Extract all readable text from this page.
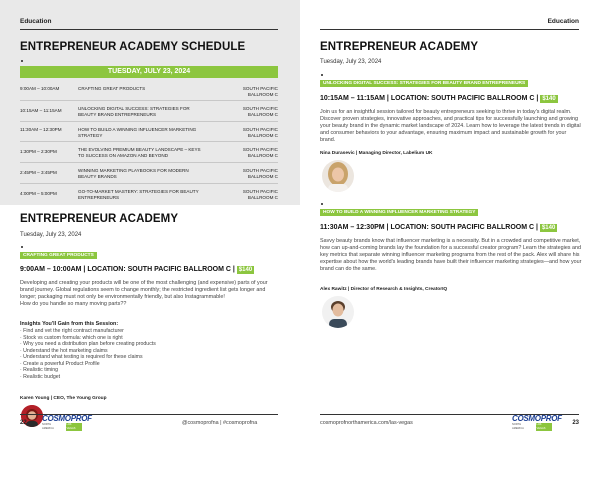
Education
ENTREPRENEUR ACADEMY SCHEDULE
TUESDAY, JULY 23, 2024
9:00AM – 10:00AM	CRAFTING GREAT PRODUCTS	SOUTH PACIFIC BALLROOM C
10:15AM – 11:15AM	UNLOCKING DIGITAL SUCCESS: STRATEGIES FOR BEAUTY BRAND ENTREPRENEURS
SOUTH PACIFIC BALLROOM C
11:30AM – 12:30PM	HOW TO BUILD A WINNING INFLUENCER MARKETING STRATEGY
SOUTH PACIFIC BALLROOM C
1:30PM – 2:30PM	THE EVOLVING PREMIUM BEAUTY LANDSCAPE – KEYS TO SUCCESS ON AMAZON AND BEYOND
SOUTH PACIFIC BALLROOM C
2:45PM – 3:45PM	WINNING MARKETING PLAYBOOKS FOR MODERN BEAUTY BRANDS
SOUTH PACIFIC BALLROOM C
4:00PM – 5:00PM	GO-TO-MARKET MASTERY: STRATEGIES FOR BEAUTY ENTREPRENEURS
SOUTH PACIFIC BALLROOM C
ENTREPRENEUR ACADEMY
Tuesday, July 23, 2024
CRAFTING GREAT PRODUCTS
9:00AM – 10:00AM | LOCATION: SOUTH PACIFIC BALLROOM C | $140
Developing and creating your products will be one of the most challenging (and expensive) parts of your brand journey. Global regulations seem to change monthly; the restricted ingredient list gets longer and longer; packaging must not only be environmentally friendly, but also Instagrammable!
How do you handle so many moving parts??
Insights You'll Gain from this Session:
· Find and vet the right contract manufacturer
· Stock vs custom formula: which one is right
· Why you need a distribution plan before creating products
· Understand the hot marketing claims
· Understand what testing is required for these claims
· Create a powerful Product Profile
· Realistic timing
· Realistic budget
Karen Young | CEO, The Young Group
22 COSMOPROF
NORTH AMERICA
LAS VEGAS
@cosmoprofna | #cosmoprofna
Education
ENTREPRENEUR ACADEMY
Tuesday, July 23, 2024
UNLOCKING DIGITAL SUCCESS: STRATEGIES FOR BEAUTY BRAND ENTREPRENEURS
10:15AM – 11:15AM | LOCATION: SOUTH PACIFIC BALLROOM C | $140
Join us for an insightful session tailored for beauty entrepreneurs seeking to thrive in today's digital realm. Discover proven strategies, innovative approaches, and practical tips for successfully launching and growing your beauty brand in the dynamic market landscape of 2024. Learn how to leverage the latest trends in digital and consumer behaviors to your advantage, ensuring maximum impact and sustainable growth for your brand.
Nina Durasevic | Managing Director, Labelium UK
HOW TO BUILD A WINNING INFLUENCER MARKETING STRATEGY
11:30AM – 12:30PM | LOCATION: SOUTH PACIFIC BALLROOM C | $140
Savvy beauty brands know that influencer marketing is a necessity. But in a crowded and competitive market, how can up-and-coming brands lay the foundation for a successful creator program? Learn the strategies and key metrics that separate winning influencer marketing programs from the rest of the pack. Alex will share his expertise about how the world's leading brands have built their influencer marketing strategies—and how your brand can do the same.
Alex Rawitz | Director of Research & Insights, CreatorIQ
cosmoprofnorthamerica.com/las-vegas	COSMOPROF
NORTH AMERICA
LAS VEGAS
23
